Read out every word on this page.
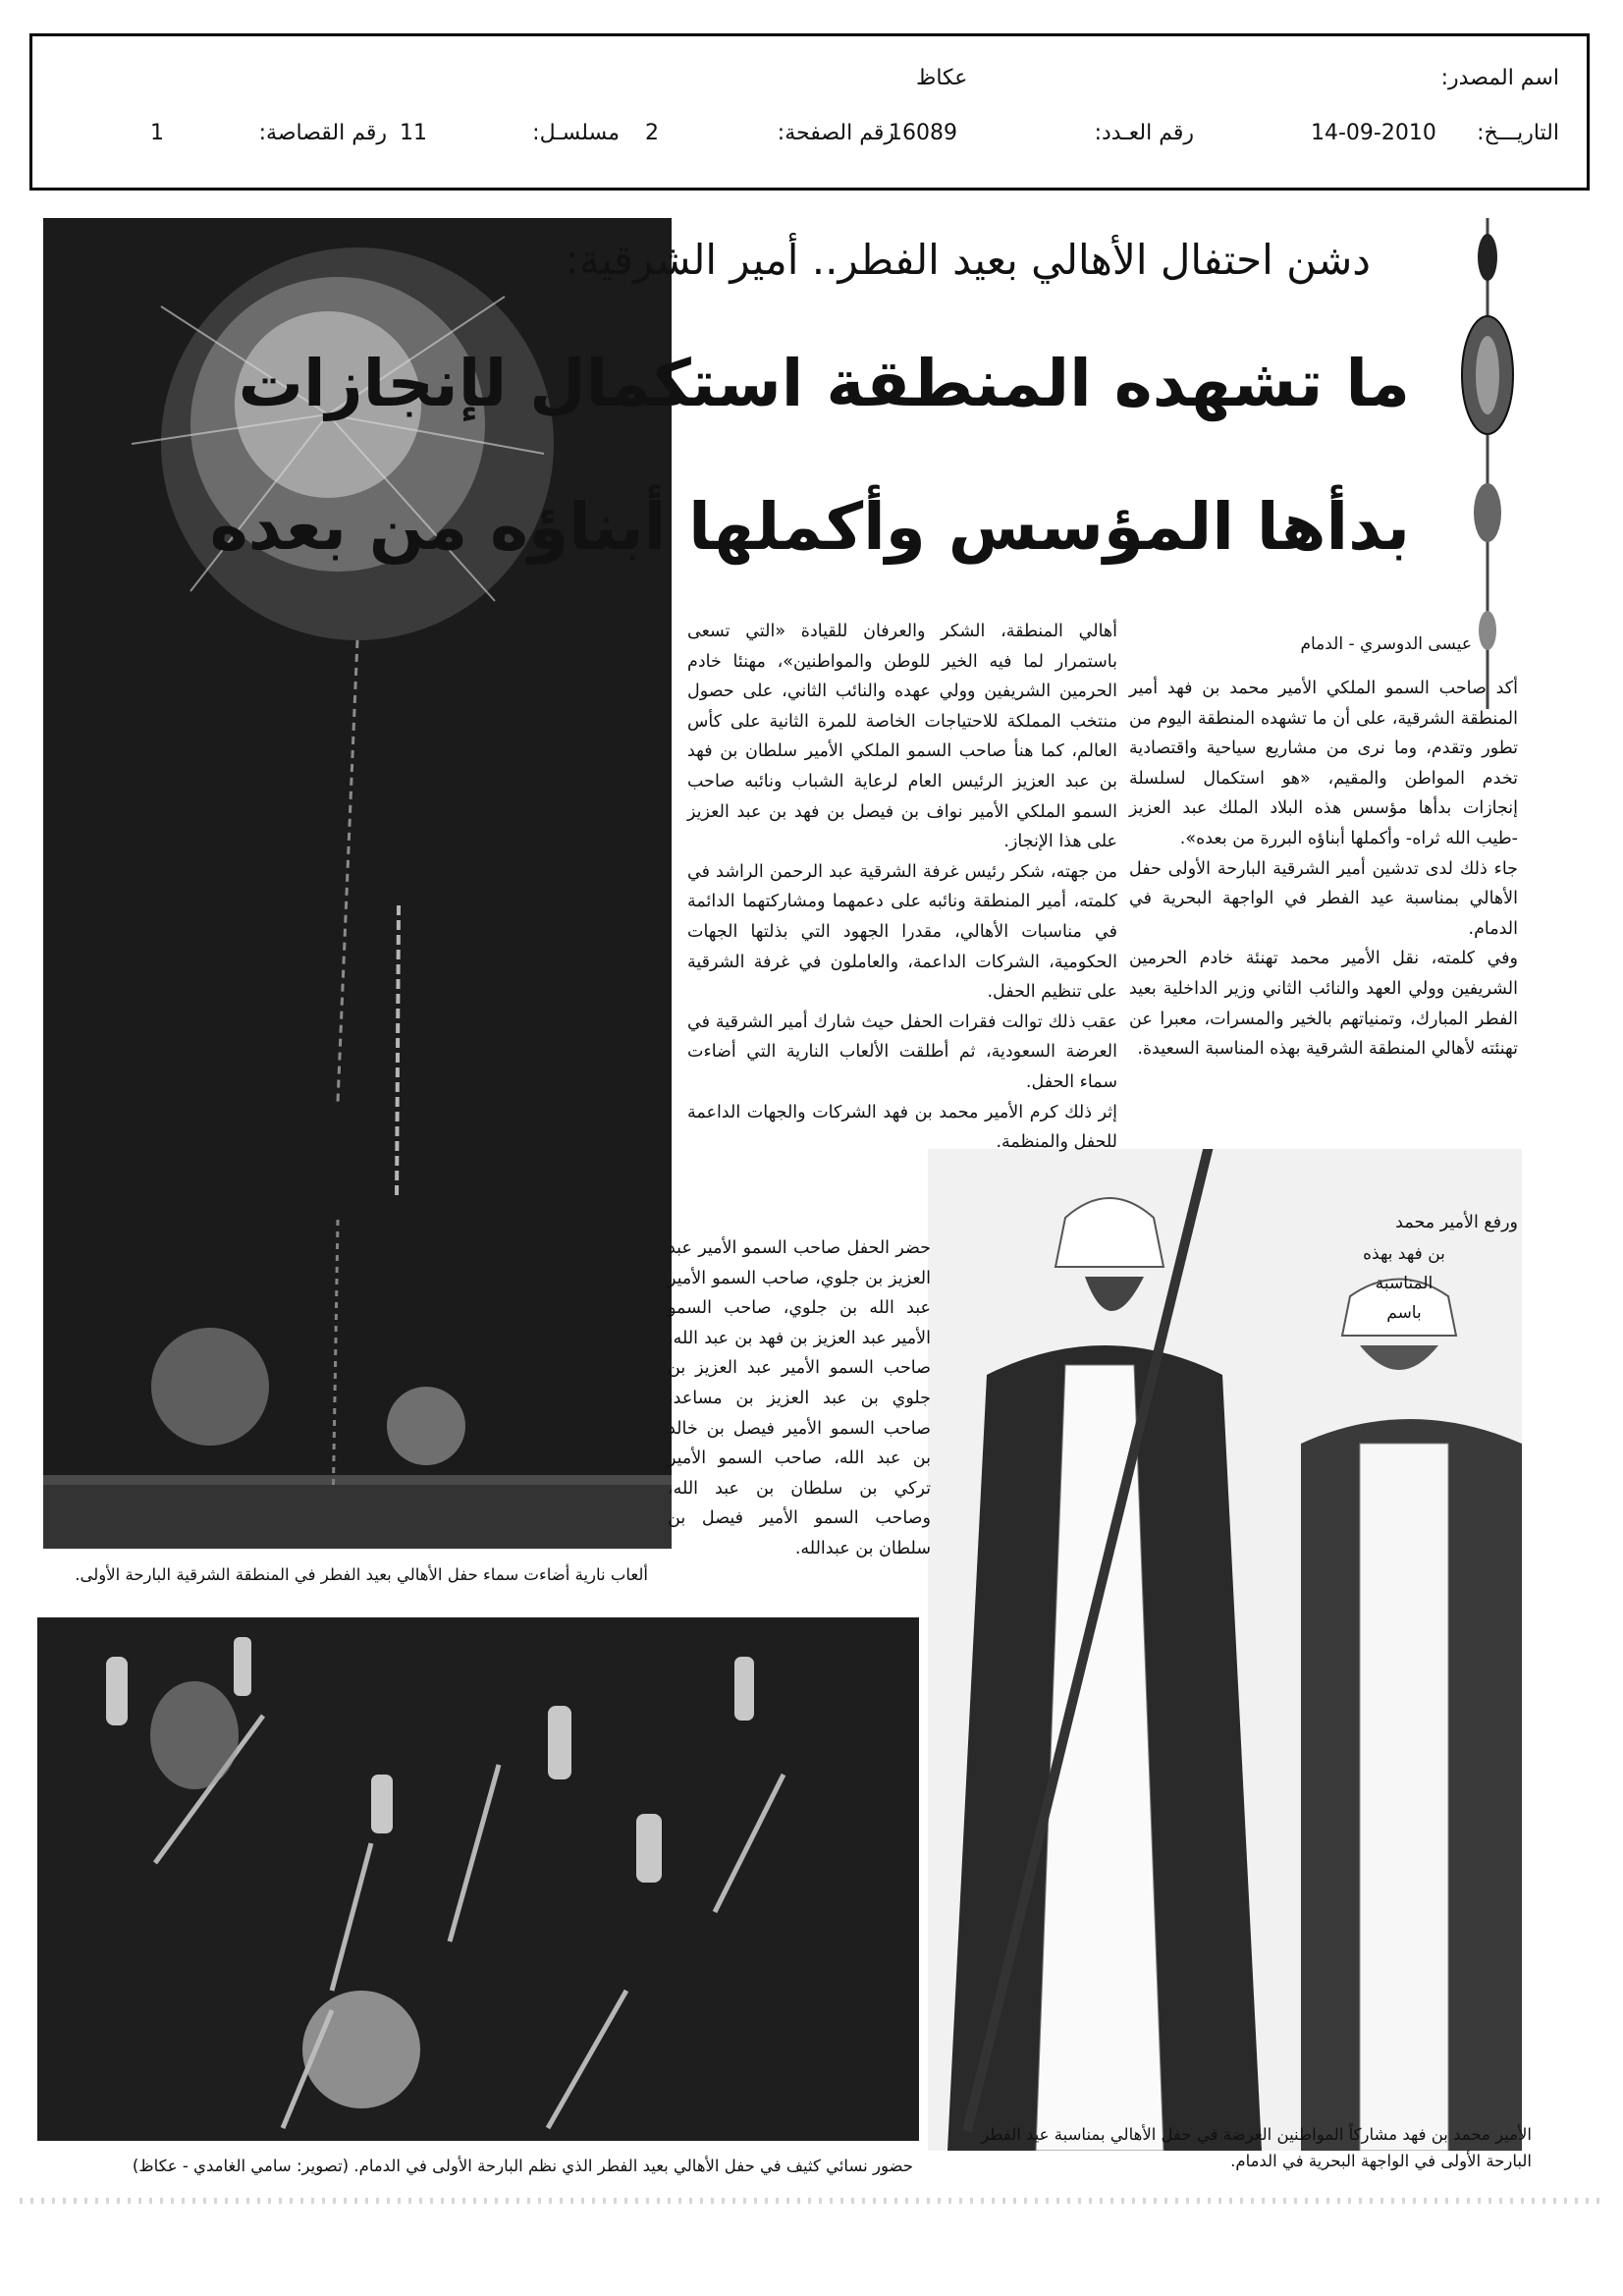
اسم المصدر:
عكاظ
التاريـــخ:
14-09-2010
رقم العـدد:
16089
رقم الصفحة:
2
مسلسـل:
11
رقم القصاصة:
1
دشن احتفال الأهالي بعيد الفطر.. أمير الشرقية:
ما تشهده المنطقة استكمال لإنجازات
بدأها المؤسس وأكملها أبناؤه من بعده
عيسى الدوسري - الدمام

أكد صاحب السمو الملكي الأمير محمد بن فهد أمير المنطقة الشرقية، على أن ما تشهده المنطقة اليوم من تطور وتقدم، وما نرى من مشاريع سياحية واقتصادية تخدم المواطن والمقيم، «هو استكمال لسلسلة إنجازات بدأها مؤسس هذه البلاد الملك عبد العزيز -طيب الله ثراه- وأكملها أبناؤه البررة من بعده».

جاء ذلك لدى تدشين أمير الشرقية البارحة الأولى حفل الأهالي بمناسبة عيد الفطر في الواجهة البحرية في الدمام.

وفي كلمته، نقل الأمير محمد تهنئة خادم الحرمين الشريفين وولي العهد والنائب الثاني وزير الداخلية بعيد الفطر المبارك، وتمنياتهم بالخير والمسرات، معبرا عن تهنئته لأهالي المنطقة الشرقية بهذه المناسبة السعيدة.

ورفع الأمير محمد
بن فهد بهذه
المناسبة
باسم

أهالي المنطقة، الشكر والعرفان للقيادة «التي تسعى باستمرار لما فيه الخير للوطن والمواطنين»، مهنئا خادم الحرمين الشريفين وولي عهده والنائب الثاني، على حصول منتخب المملكة للاحتياجات الخاصة للمرة الثانية على كأس العالم، كما هنأ صاحب السمو الملكي الأمير سلطان بن فهد بن عبد العزيز الرئيس العام لرعاية الشباب ونائبه صاحب السمو الملكي الأمير نواف بن فيصل بن فهد بن عبد العزيز على هذا الإنجاز.

من جهته، شكر رئيس غرفة الشرقية عبد الرحمن الراشد في كلمته، أمير المنطقة ونائبه على دعمهما ومشاركتهما الدائمة في مناسبات الأهالي، مقدرا الجهود التي بذلتها الجهات الحكومية، الشركات الداعمة، والعاملون في غرفة الشرقية على تنظيم الحفل.

عقب ذلك توالت فقرات الحفل حيث شارك أمير الشرقية في العرضة السعودية، ثم أطلقت الألعاب النارية التي أضاءت سماء الحفل.

إثر ذلك كرم الأمير محمد بن فهد الشركات والجهات الداعمة للحفل والمنظمة.

حضر الحفل صاحب السمو الأمير عبد العزيز بن جلوي، صاحب السمو الأمير عبد الله بن جلوي، صاحب السمو الأمير عبد العزيز بن فهد بن عبد الله، صاحب السمو الأمير عبد العزيز بن جلوي بن عبد العزيز بن مساعد، صاحب السمو الأمير فيصل بن خالد بن عبد الله، صاحب السمو الأمير تركي بن سلطان بن عبد الله، وصاحب السمو الأمير فيصل بن سلطان بن عبدالله.
ألعاب نارية أضاءت سماء حفل الأهالي بعيد الفطر في المنطقة الشرقية البارحة الأولى.
حضور نسائي كثيف في حفل الأهالي بعيد الفطر الذي نظم البارحة الأولى في الدمام. (تصوير: سامي الغامدي - عكاظ)
الأمير محمد بن فهد مشاركاً المواطنين العرضة في حفل الأهالي بمناسبة عيد الفطر البارحة الأولى في الواجهة البحرية في الدمام.
